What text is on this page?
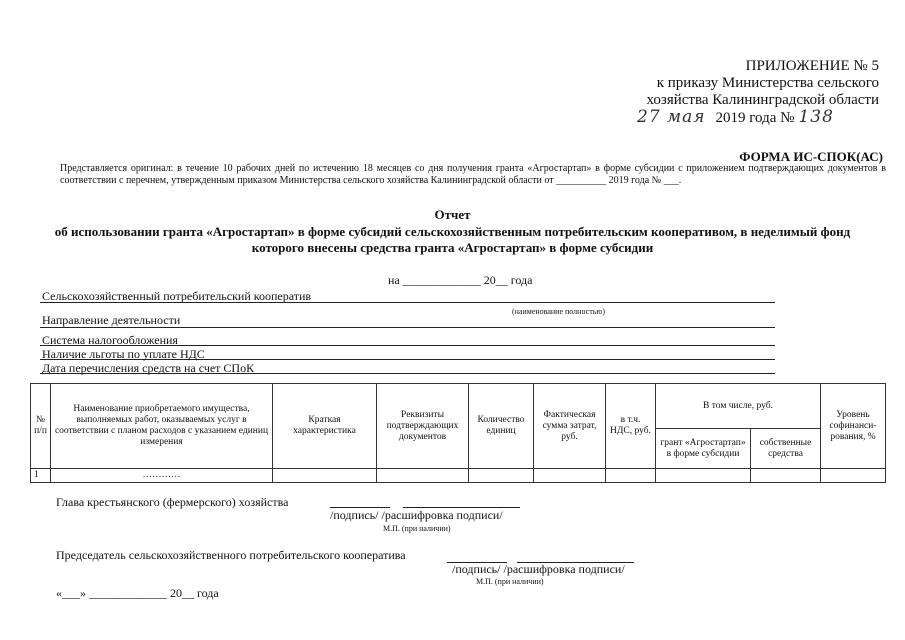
ПРИЛОЖЕНИЕ № 5
к приказу Министерства сельского
хозяйства Калининградской области
27 мая 2019 года № 138
ФОРМА ИС-СПОК(АС)
Представляется оригинал: в течение 10 рабочих дней по истечению 18 месяцев со дня получения гранта «Агростартап» в форме субсидии с приложением подтверждающих документов в соответствии с перечнем, утвержденным приказом Министерства сельского хозяйства Калининградской области от __________ 2019 года № ___.
Отчет
об использовании гранта «Агростартап» в форме субсидий сельскохозяйственным потребительским кооперативом, в неделимый фонд
которого внесены средства гранта «Агростартап» в форме субсидии
на _____________ 20__ года
Сельскохозяйственный потребительский кооператив
(наименование полностью)
Направление деятельности
Система налогообложения
Наличие льготы по уплате НДС
Дата перечисления средств на счет СПоК
№ п/п	Наименование приобретаемого имущества, выполняемых работ, оказываемых услуг в соответствии с планом расходов с указанием единиц измерения	Краткая характеристика	Реквизиты подтверждающих документов	Количество единиц	Фактическая сумма затрат, руб.	в т.ч. НДС, руб.	В том числе, руб.		Уровень софинанси-рования, %
							грант «Агростартап» в форме субсидии	собственные средства	
1	…………								
Глава крестьянского (фермерского) хозяйства
/подпись/ /расшифровка подписи/
М.П. (при наличии)
Председатель сельскохозяйственного потребительского кооператива
/подпись/ /расшифровка подписи/
М.П. (при наличии)
«___» _____________ 20__ года
